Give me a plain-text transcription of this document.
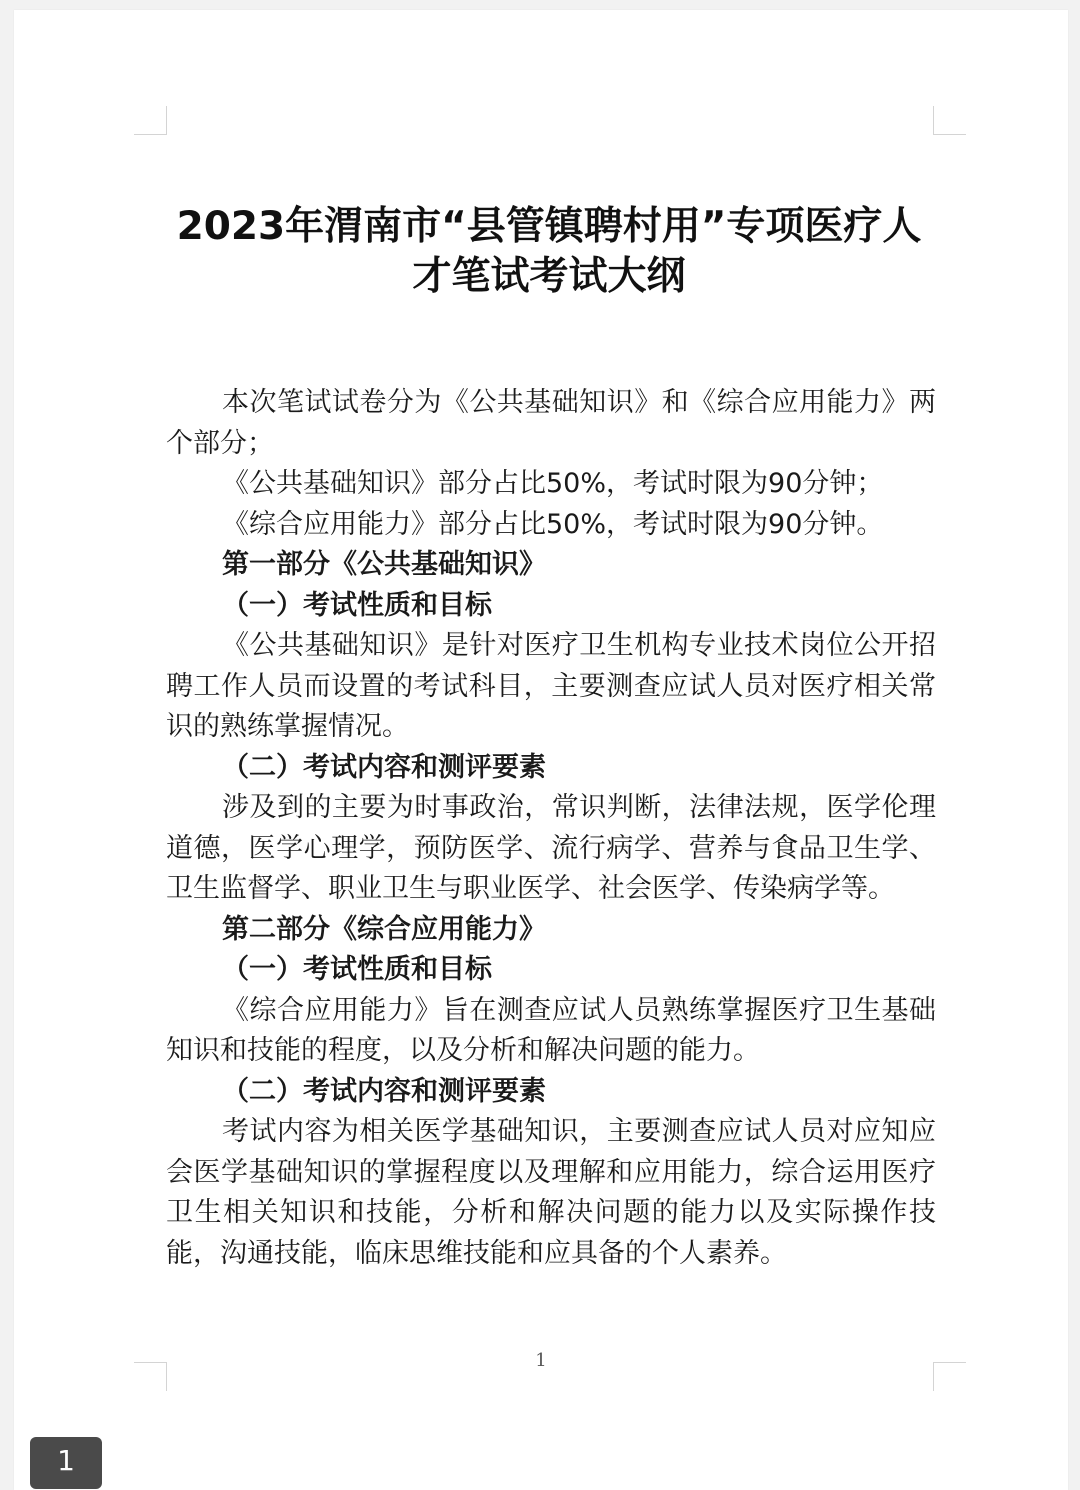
2023年渭南市“县管镇聘村用”专项医疗人才笔试考试大纲

本次笔试试卷分为《公共基础知识》和《综合应用能力》两个部分；

《公共基础知识》部分占比50%，考试时限为90分钟；

《综合应用能力》部分占比50%，考试时限为90分钟。

第一部分《公共基础知识》

（一）考试性质和目标

《公共基础知识》是针对医疗卫生机构专业技术岗位公开招聘工作人员而设置的考试科目，主要测查应试人员对医疗相关常识的熟练掌握情况。

（二）考试内容和测评要素

涉及到的主要为时事政治，常识判断，法律法规，医学伦理道德，医学心理学，预防医学、流行病学、营养与食品卫生学、卫生监督学、职业卫生与职业医学、社会医学、传染病学等。

第二部分《综合应用能力》

（一）考试性质和目标

《综合应用能力》旨在测查应试人员熟练掌握医疗卫生基础知识和技能的程度，以及分析和解决问题的能力。

（二）考试内容和测评要素

考试内容为相关医学基础知识，主要测查应试人员对应知应会医学基础知识的掌握程度以及理解和应用能力，综合运用医疗卫生相关知识和技能，分析和解决问题的能力以及实际操作技能，沟通技能，临床思维技能和应具备的个人素养。

1
1
